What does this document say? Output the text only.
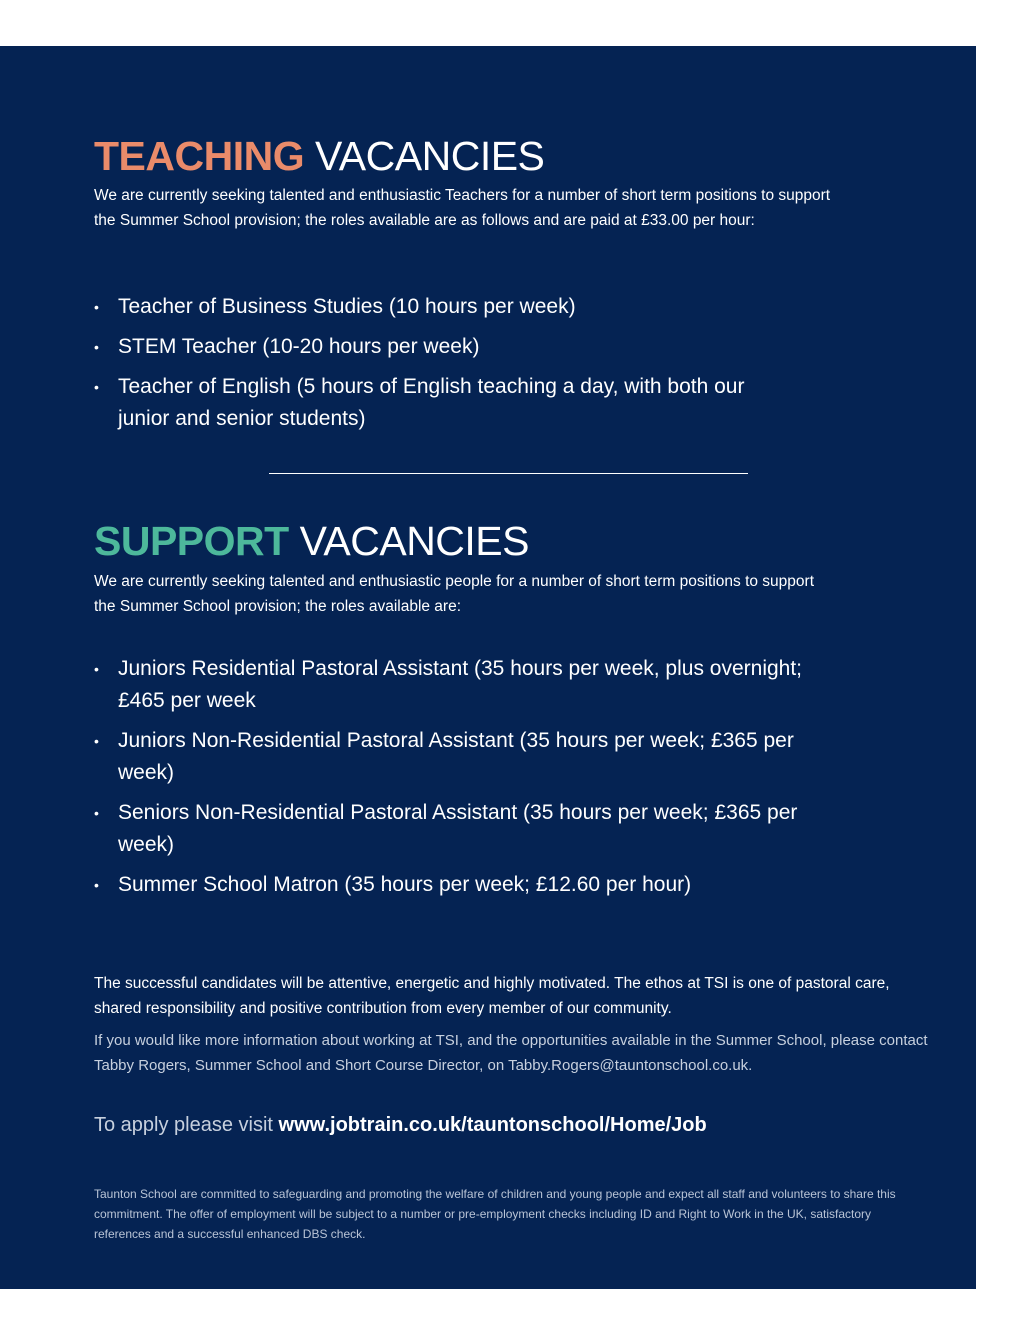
TEACHING VACANCIES

We are currently seeking talented and enthusiastic Teachers for a number of short term positions to support the Summer School provision; the roles available are as follows and are paid at £33.00 per hour:

• Teacher of Business Studies (10 hours per week)
• STEM Teacher (10-20 hours per week)
• Teacher of English (5 hours of English teaching a day, with both our junior and senior students)
SUPPORT VACANCIES

We are currently seeking talented and enthusiastic people for a number of short term positions to support the Summer School provision; the roles available are:

• Juniors Residential Pastoral Assistant (35 hours per week, plus overnight; £465 per week
• Juniors Non-Residential Pastoral Assistant (35 hours per week; £365 per week)
• Seniors Non-Residential Pastoral Assistant (35 hours per week; £365 per week)
• Summer School Matron (35 hours per week; £12.60 per hour)

The successful candidates will be attentive, energetic and highly motivated. The ethos at TSI is one of pastoral care, shared responsibility and positive contribution from every member of our community.

If you would like more information about working at TSI, and the opportunities available in the Summer School, please contact Tabby Rogers, Summer School and Short Course Director, on Tabby.Rogers@tauntonschool.co.uk.

To apply please visit www.jobtrain.co.uk/tauntonschool/Home/Job

Taunton School are committed to safeguarding and promoting the welfare of children and young people and expect all staff and volunteers to share this commitment. The offer of employment will be subject to a number or pre-employment checks including ID and Right to Work in the UK, satisfactory references and a successful enhanced DBS check.
